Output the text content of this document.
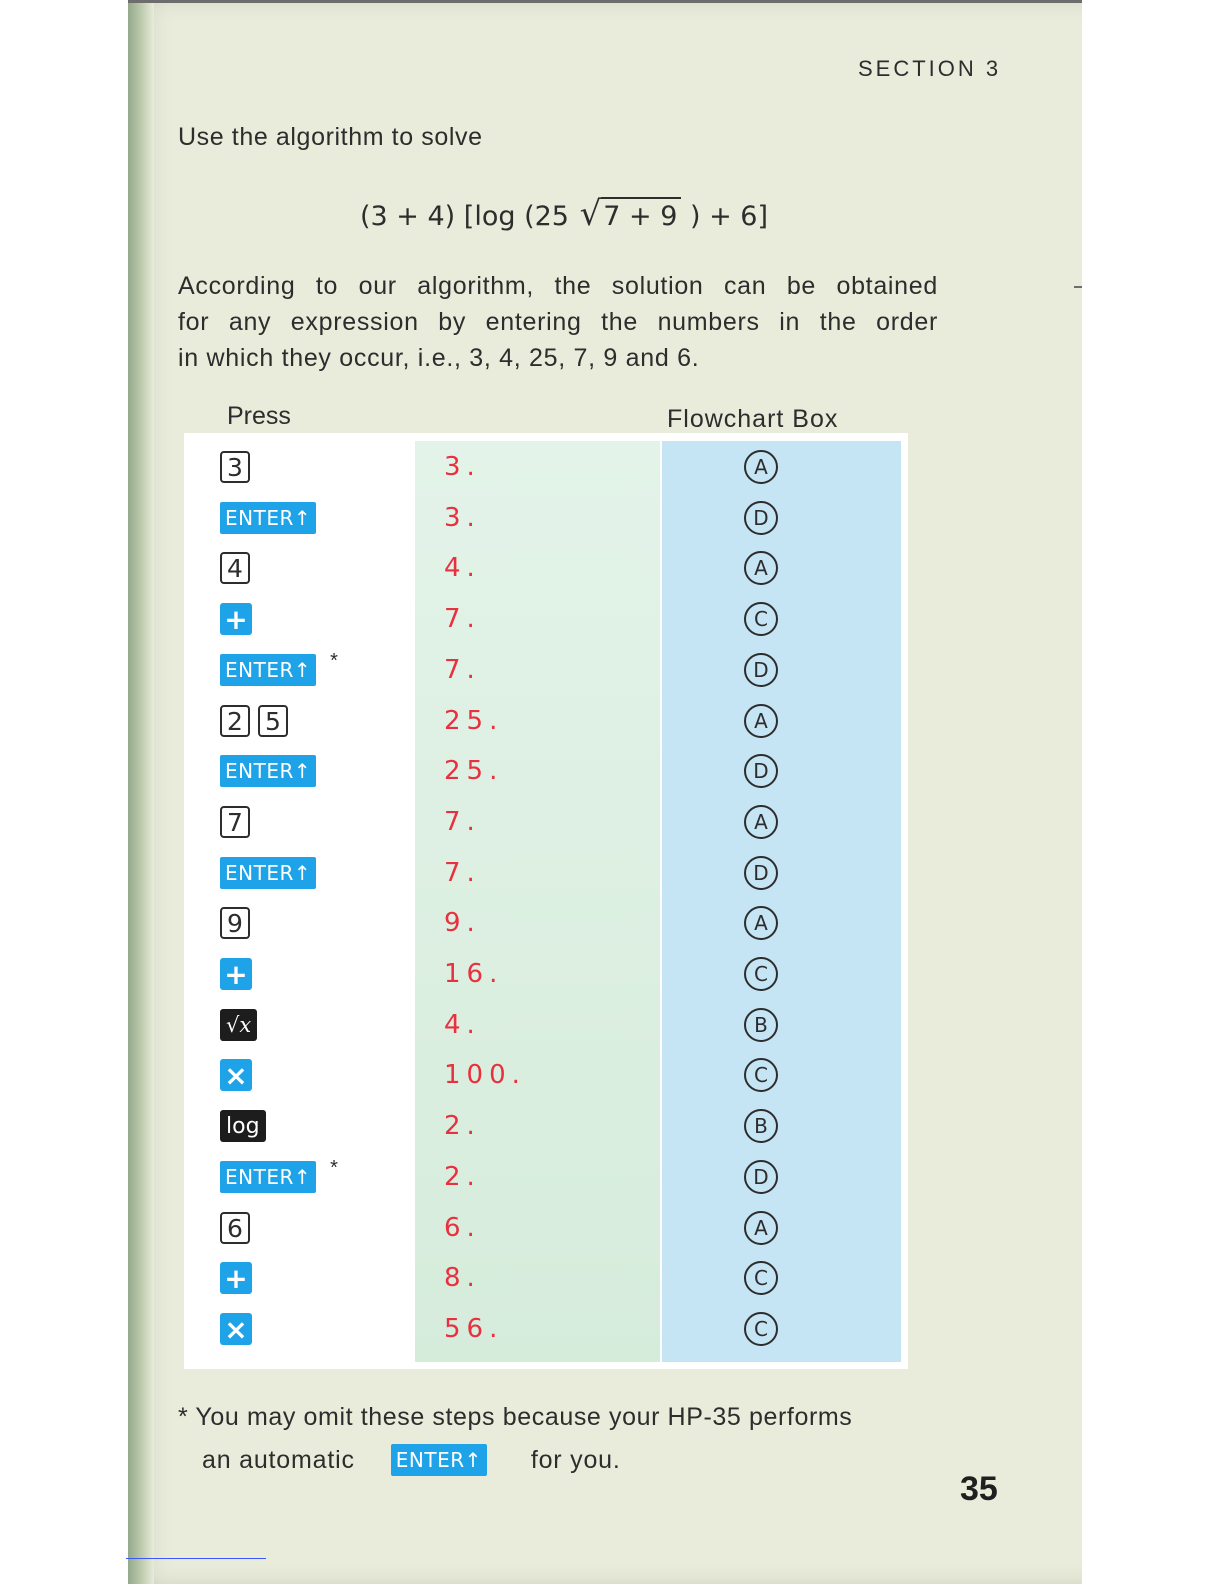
SECTION 3
Use the algorithm to solve
(3 + 4) [log (25 √7 + 9 ) + 6]
According to our algorithm, the solution can be obtained
for any expression by entering the numbers in the order
in which they occur, i.e., 3, 4, 25, 7, 9 and 6.
Press	Flowchart Box
3	3.	A
ENTER↑	3.	D
4	4.	A
+	7.	C
ENTER↑ *	7.	D
2 5	25.	A
ENTER↑	25.	D
7	7.	A
ENTER↑	7.	D
9	9.	A
+	16.	C
√x	4.	B
×	100.	C
log	2.	B
ENTER↑ *	2.	D
6	6.	A
+	8.	C
×	56.	C
* You may omit these steps because your HP-35 performs
an automatic ENTER↑ for you.
35
